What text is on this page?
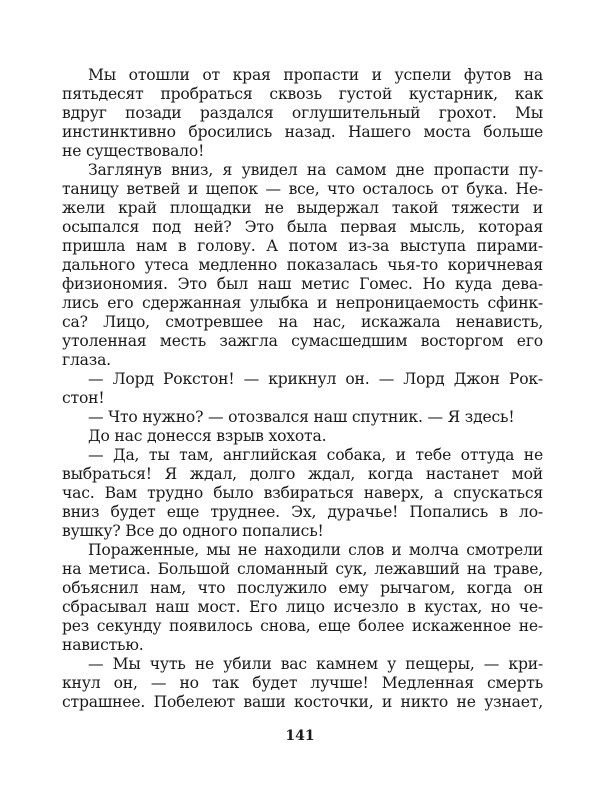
Мы отошли от края пропасти и успели футов на
пятьдесят пробраться сквозь густой кустарник, как
вдруг позади раздался оглушительный грохот. Мы
инстинктивно бросились назад. Нашего моста больше
не существовало!
Заглянув вниз, я увидел на самом дне пропасти пу-
таницу ветвей и щепок — все, что осталось от бука. Не-
жели край площадки не выдержал такой тяжести и
осыпался под ней? Это была первая мысль, которая
пришла нам в голову. А потом из-за выступа пирами-
дального утеса медленно показалась чья-то коричневая
физиономия. Это был наш метис Гомес. Но куда дева-
лись его сдержанная улыбка и непроницаемость сфинк-
са? Лицо, смотревшее на нас, искажала ненависть,
утоленная месть зажгла сумасшедшим восторгом его
глаза.
— Лорд Рокстон! — крикнул он. — Лорд Джон Рок-
стон!
— Что нужно? — отозвался наш спутник. — Я здесь!
До нас донесся взрыв хохота.
— Да, ты там, английская собака, и тебе оттуда не
выбраться! Я ждал, долго ждал, когда настанет мой
час. Вам трудно было взбираться наверх, а спускаться
вниз будет еще труднее. Эх, дурачье! Попались в ло-
вушку? Все до одного попались!
Пораженные, мы не находили слов и молча смотрели
на метиса. Большой сломанный сук, лежавший на траве,
объяснил нам, что послужило ему рычагом, когда он
сбрасывал наш мост. Его лицо исчезло в кустах, но че-
рез секунду появилось снова, еще более искаженное не-
навистью.
— Мы чуть не убили вас камнем у пещеры, — кри-
кнул он, — но так будет лучше! Медленная смерть
страшнее. Побелеют ваши косточки, и никто не узнает,
141
